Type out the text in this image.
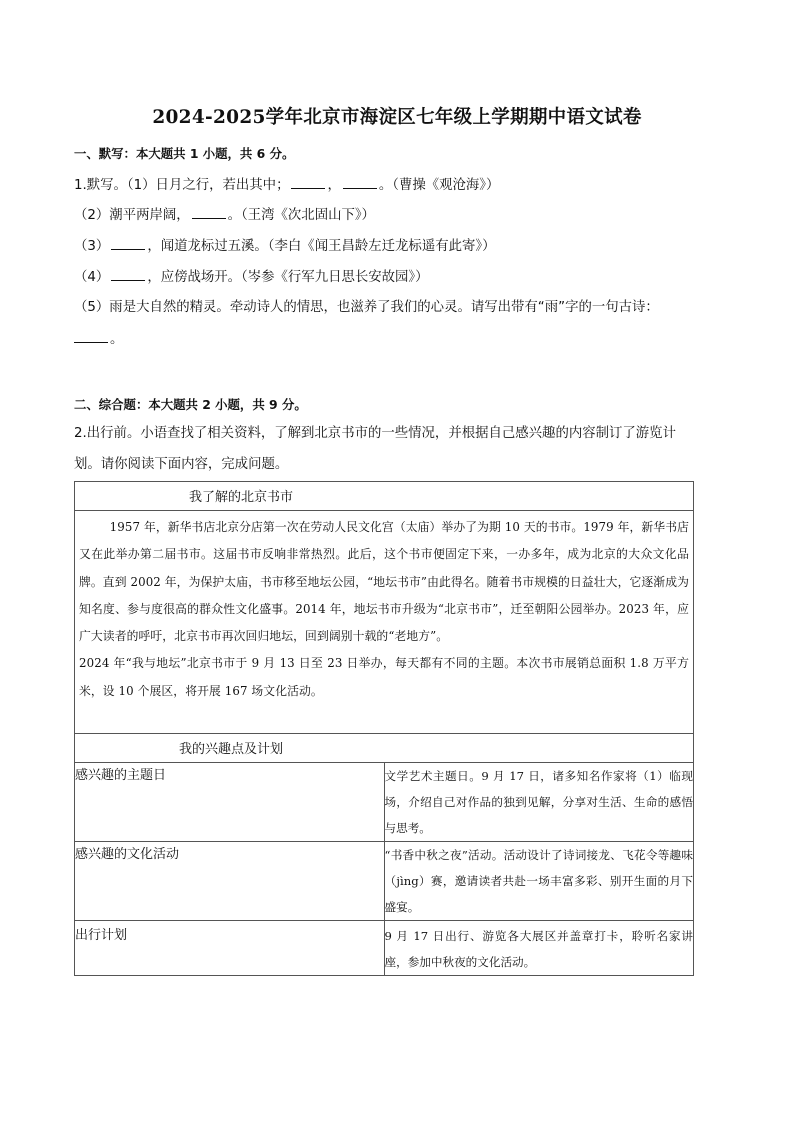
2024-2025学年北京市海淀区七年级上学期期中语文试卷
一、默写：本大题共 1 小题，共 6 分。
1.默写。（1）日月之行，若出其中；	，	。（曹操《观沧海》）
（2）潮平两岸阔，	。（王湾《次北固山下》）
（3）	，闻道龙标过五溪。（李白《闻王昌龄左迁龙标遥有此寄》）
（4）	，应傍战场开。（岑参《行军九日思长安故园》）
（5）雨是大自然的精灵。牵动诗人的情思，也滋养了我们的心灵。请写出带有“雨”字的一句古诗：
。
二、综合题：本大题共 2 小题，共 9 分。
2.出行前。小语查找了相关资料，了解到北京书市的一些情况，并根据自己感兴趣的内容制订了游览计
划。请你阅读下面内容，完成问题。
我了解的北京书市	

1957 年，新华书店北京分店第一次在劳动人民文化宫（太庙）举办了为期 10 天的书市。1979 年，新华书店又在此举办第二届书市。这届书市反响非常热烈。此后，这个书市便固定下来，一办多年，成为北京的大众文化品牌。直到 2002 年，为保护太庙，书市移至地坛公园，“地坛书市”由此得名。随着书市规模的日益壮大，它逐渐成为知名度、参与度很高的群众性文化盛事。2014 年，地坛书市升级为“北京书市”，迁至朝阳公园举办。2023 年，应广大读者的呼吁，北京书市再次回归地坛，回到阔别十载的“老地方”。

2024 年“我与地坛”北京书市于 9 月 13 日至 23 日举办，每天都有不同的主题。本次书市展销总面积 1.8 万平方米，设 10 个展区，将开展 167 场文化活动。	

我的兴趣点及计划	

感兴趣的主题日	文学艺术主题日。9 月 17 日，诸多知名作家将（1）临现场，介绍自己对作品的独到见解，分享对生活、生命的感悟与思考。
感兴趣的文化活动	“书香中秋之夜”活动。活动设计了诗词接龙、飞花令等趣味（jìng）赛，邀请读者共赴一场丰富多彩、别开生面的月下盛宴。
出行计划	9 月 17 日出行、游览各大展区并盖章打卡，聆听名家讲座，参加中秋夜的文化活动。
